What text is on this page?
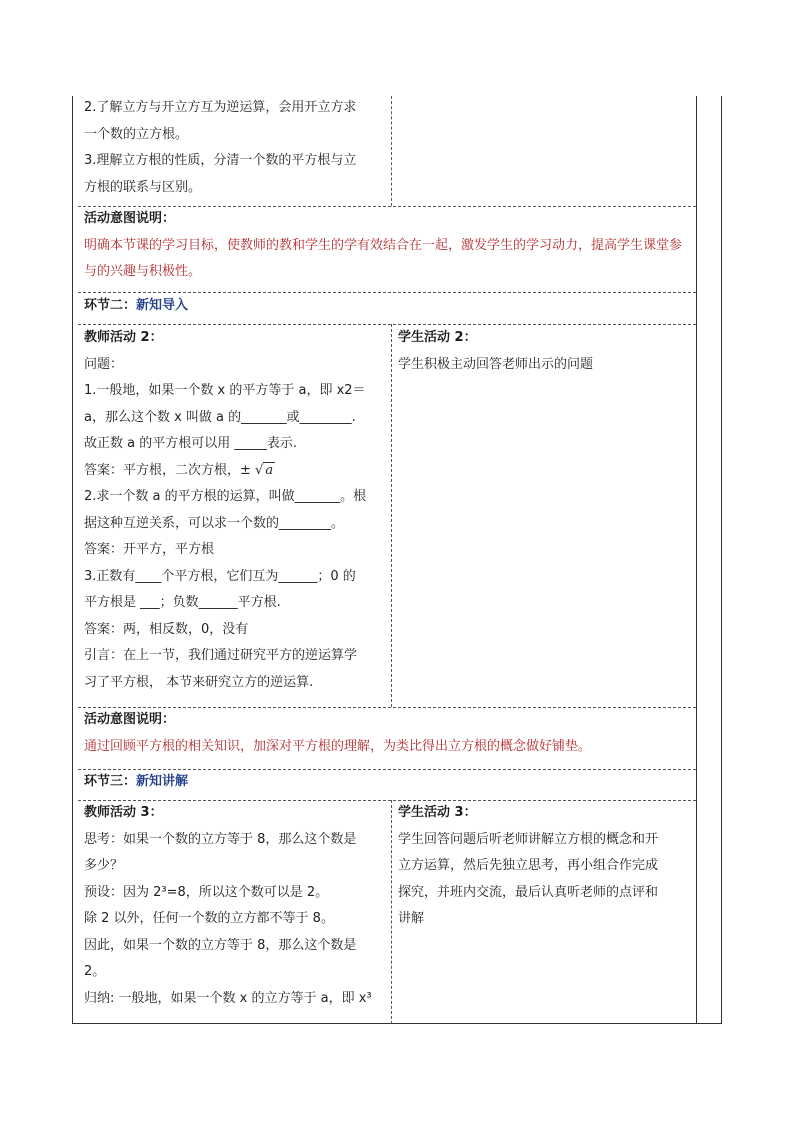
2.了解立方与开立方互为逆运算，会用开立方求
一个数的立方根。
3.理解立方根的性质，分清一个数的平方根与立
方根的联系与区别。
活动意图说明：
明确本节课的学习目标，使教师的教和学生的学有效结合在一起，激发学生的学习动力，提高学生课堂参与的兴趣与积极性。
环节二：新知导入
教师活动 2：
问题：
1.一般地，如果一个数 x 的平方等于 a，即 x2＝
a，那么这个数 x 叫做 a 的_______或________.
故正数 a 的平方根可以用 _____表示.
答案：平方根，二次方根，± √ a
2.求一个数 a 的平方根的运算，叫做_______。根
据这种互逆关系，可以求一个数的________。
答案：开平方，平方根
3.正数有____个平方根，它们互为______；0 的
平方根是 ___；负数______平方根.
答案：两，相反数，0，没有
引言：在上一节，我们通过研究平方的逆运算学
习了平方根， 本节来研究立方的逆运算.
学生活动 2：
学生积极主动回答老师出示的问题
活动意图说明：
通过回顾平方根的相关知识，加深对平方根的理解，为类比得出立方根的概念做好铺垫。
环节三：新知讲解
教师活动 3：
思考：如果一个数的立方等于 8，那么这个数是
多少？
预设：因为 2³=8，所以这个数可以是 2。
除 2 以外，任何一个数的立方都不等于 8。
因此，如果一个数的立方等于 8，那么这个数是
2。
归纳: 一般地，如果一个数 x 的立方等于 a，即 x³
学生活动 3：
学生回答问题后听老师讲解立方根的概念和开
立方运算，然后先独立思考，再小组合作完成
探究，并班内交流，最后认真听老师的点评和
讲解
